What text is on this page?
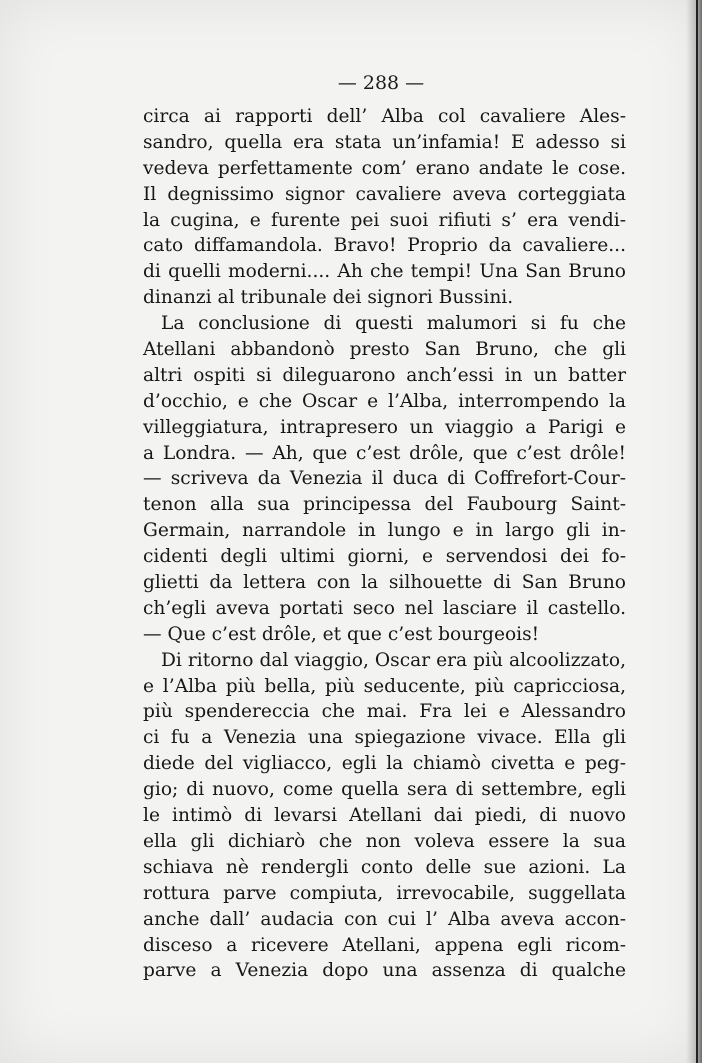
— 288 —
circa ai rapporti dell’ Alba col cavaliere Ales-
sandro, quella era stata un’infamia! E adesso si
vedeva perfettamente com’ erano andate le cose.
Il degnissimo signor cavaliere aveva corteggiata
la cugina, e furente pei suoi rifiuti s’ era vendi-
cato diffamandola. Bravo! Proprio da cavaliere...
di quelli moderni.... Ah che tempi! Una San Bruno
dinanzi al tribunale dei signori Bussini.
La conclusione di questi malumori si fu che
Atellani abbandonò presto San Bruno, che gli
altri ospiti si dileguarono anch’essi in un batter
d’occhio, e che Oscar e l’Alba, interrompendo la
villeggiatura, intrapresero un viaggio a Parigi e
a Londra. — Ah, que c’est drôle, que c’est drôle!
— scriveva da Venezia il duca di Coffrefort-Cour-
tenon alla sua principessa del Faubourg Saint-
Germain, narrandole in lungo e in largo gli in-
cidenti degli ultimi giorni, e servendosi dei fo-
glietti da lettera con la silhouette di San Bruno
ch’egli aveva portati seco nel lasciare il castello.
— Que c’est drôle, et que c’est bourgeois!
Di ritorno dal viaggio, Oscar era più alcoolizzato,
e l’Alba più bella, più seducente, più capricciosa,
più spendereccia che mai. Fra lei e Alessandro
ci fu a Venezia una spiegazione vivace. Ella gli
diede del vigliacco, egli la chiamò civetta e peg-
gio; di nuovo, come quella sera di settembre, egli
le intimò di levarsi Atellani dai piedi, di nuovo
ella gli dichiarò che non voleva essere la sua
schiava nè rendergli conto delle sue azioni. La
rottura parve compiuta, irrevocabile, suggellata
anche dall’ audacia con cui l’ Alba aveva accon-
disceso a ricevere Atellani, appena egli ricom-
parve a Venezia dopo una assenza di qualche
